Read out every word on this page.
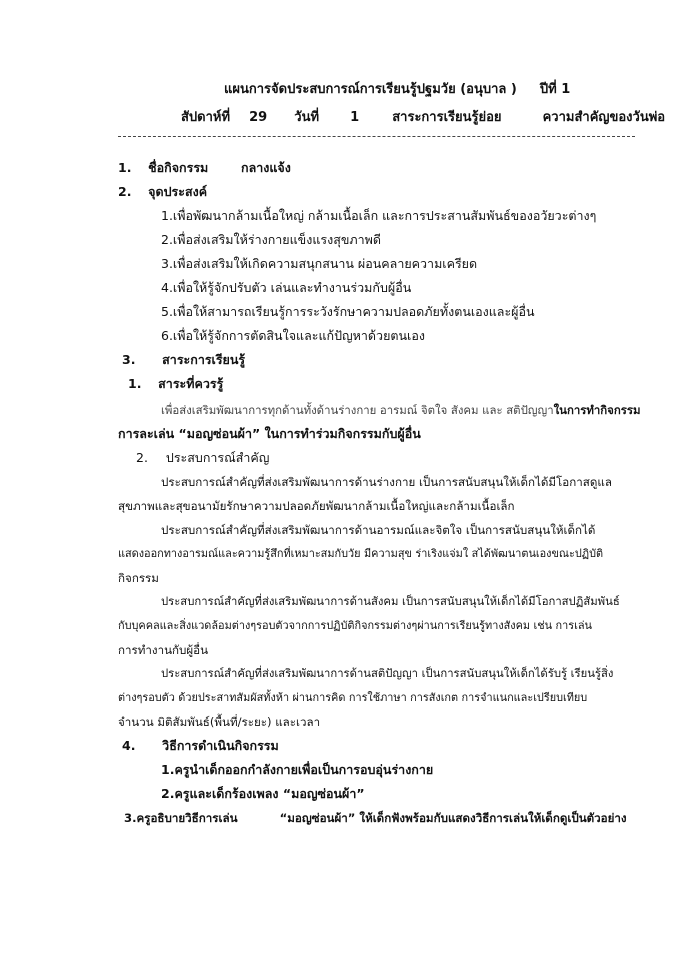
แผนการจัดประสบการณ์การเรียนรู้ปฐมวัย (อนุบาล ) ปีที่ 1
สัปดาห์ที่ 29 วันที่ 1	สาระการเรียนรู้ย่อย	ความสำคัญของวันพ่อ
1. ชื่อกิจกรรม	กลางแจ้ง
2. จุดประสงค์
1.เพื่อพัฒนากล้ามเนื้อใหญ่ กล้ามเนื้อเล็ก และการประสานสัมพันธ์ของอวัยวะต่างๆ
2.เพื่อส่งเสริมให้ร่างกายแข็งแรงสุขภาพดี
3.เพื่อส่งเสริมให้เกิดความสนุกสนาน ผ่อนคลายความเครียด
4.เพื่อให้รู้จักปรับตัว เล่นและทำงานร่วมกับผู้อื่น
5.เพื่อให้สามารถเรียนรู้การระวังรักษาความปลอดภัยทั้งตนเองและผู้อื่น
6.เพื่อให้รู้จักการตัดสินใจและแก้ปัญหาด้วยตนเอง
3. สาระการเรียนรู้
1. สาระที่ควรรู้
เพื่อส่งเสริมพัฒนาการทุกด้านทั้งด้านร่างกาย อารมณ์ จิตใจ สังคม และ สติปัญญาในการทำกิจกรรม
การละเล่น “มอญซ่อนผ้า” ในการทำร่วมกิจกรรมกับผู้อื่น
2. ประสบการณ์สำคัญ
ประสบการณ์สำคัญที่ส่งเสริมพัฒนาการด้านร่างกาย เป็นการสนับสนุนให้เด็กได้มีโอกาสดูแล
สุขภาพและสุขอนามัยรักษาความปลอดภัยพัฒนากล้ามเนื้อใหญ่และกล้ามเนื้อเล็ก
ประสบการณ์สำคัญที่ส่งเสริมพัฒนาการด้านอารมณ์และจิตใจ เป็นการสนับสนุนให้เด็กได้
แสดงออกทางอารมณ์และความรู้สึกที่เหมาะสมกับวัย มีความสุข ร่าเริงแจ่มใ สได้พัฒนาตนเองขณะปฏิบัติ
กิจกรรม
ประสบการณ์สำคัญที่ส่งเสริมพัฒนาการด้านสังคม เป็นการสนับสนุนให้เด็กได้มีโอกาสปฏิสัมพันธ์
กับบุคคลและสิ่งแวดล้อมต่างๆรอบตัวจากการปฏิบัติกิจกรรมต่างๆผ่านการเรียนรู้ทางสังคม เช่น การเล่น
การทำงานกับผู้อื่น
ประสบการณ์สำคัญที่ส่งเสริมพัฒนาการด้านสติปัญญา เป็นการสนับสนุนให้เด็กได้รับรู้ เรียนรู้สิ่ง
ต่างๆรอบตัว ด้วยประสาทสัมผัสทั้งห้า ผ่านการคิด การใช้ภาษา การสังเกต การจำแนกและเปรียบเทียบ
จำนวน มิติสัมพันธ์(พื้นที่/ระยะ) และเวลา
4. วิธีการดำเนินกิจกรรม
1.ครูนำเด็กออกกำลังกายเพื่อเป็นการอบอุ่นร่างกาย
2.ครูและเด็กร้องเพลง “มอญซ่อนผ้า”
3.ครูอธิบายวิธีการเล่น	“มอญซ่อนผ้า” ให้เด็กฟังพร้อมกับแสดงวิธีการเล่นให้เด็กดูเป็นตัวอย่าง
